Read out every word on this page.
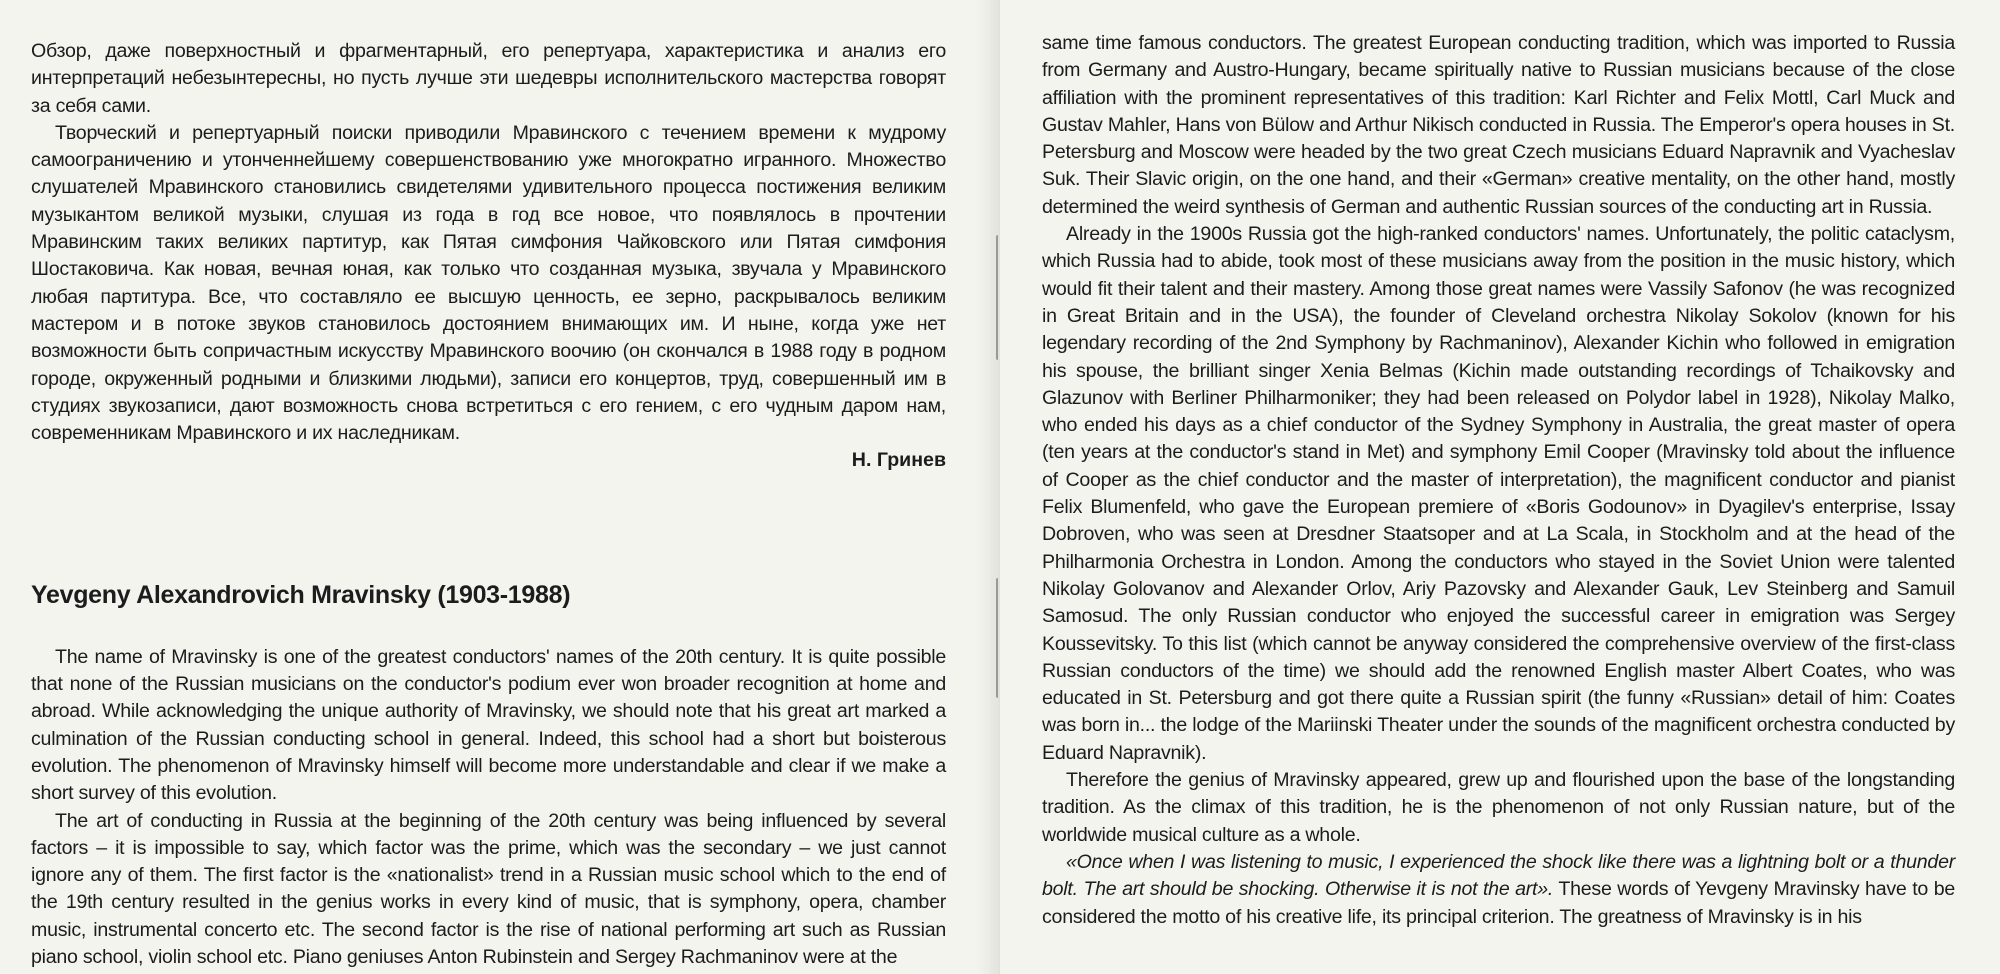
Обзор, даже поверхностный и фрагментарный, его репертуара, характеристика и анализ его интерпретаций небезынтересны, но пусть лучше эти шедевры исполнительского мастерства говорят за себя сами.

Творческий и репертуарный поиски приводили Мравинского с течением времени к мудрому самоограничению и утонченнейшему совершенствованию уже многократно игранного. Множество слушателей Мравинского становились свидетелями удивительного процесса постижения великим музыкантом великой музыки, слушая из года в год все новое, что появлялось в прочтении Мравинским таких великих партитур, как Пятая симфония Чайковского или Пятая симфония Шостаковича. Как новая, вечная юная, как только что созданная музыка, звучала у Мравинского любая партитура. Все, что составляло ее высшую ценность, ее зерно, раскрывалось великим мастером и в потоке звуков становилось достоянием внимающих им. И ныне, когда уже нет возможности быть сопричастным искусству Мравинского воочию (он скончался в 1988 году в родном городе, окруженный родными и близкими людьми), записи его концертов, труд, совершенный им в студиях звукозаписи, дают возможность снова встретиться с его гением, с его чудным даром нам, современникам Мравинского и их наследникам.

Н. Гринев
Yevgeny Alexandrovich Mravinsky (1903-1988)

The name of Mravinsky is one of the greatest conductors' names of the 20th century. It is quite possible that none of the Russian musicians on the conductor's podium ever won broader recognition at home and abroad. While acknowledging the unique authority of Mravinsky, we should note that his great art marked a culmination of the Russian conducting school in general. Indeed, this school had a short but boisterous evolution. The phenomenon of Mravinsky himself will become more understandable and clear if we make a short survey of this evolution.

The art of conducting in Russia at the beginning of the 20th century was being influenced by several factors – it is impossible to say, which factor was the prime, which was the secondary – we just cannot ignore any of them. The first factor is the «nationalist» trend in a Russian music school which to the end of the 19th century resulted in the genius works in every kind of music, that is symphony, opera, chamber music, instrumental concerto etc. The second factor is the rise of national performing art such as Russian piano school, violin school etc. Piano geniuses Anton Rubinstein and Sergey Rachmaninov were at the

same time famous conductors. The greatest European conducting tradition, which was imported to Russia from Germany and Austro-Hungary, became spiritually native to Russian musicians because of the close affiliation with the prominent representatives of this tradition: Karl Richter and Felix Mottl, Carl Muck and Gustav Mahler, Hans von Bülow and Arthur Nikisch conducted in Russia. The Emperor's opera houses in St. Petersburg and Moscow were headed by the two great Czech musicians Eduard Napravnik and Vyacheslav Suk. Their Slavic origin, on the one hand, and their «German» creative mentality, on the other hand, mostly determined the weird synthesis of German and authentic Russian sources of the conducting art in Russia.

Already in the 1900s Russia got the high-ranked conductors' names. Unfortunately, the politic cataclysm, which Russia had to abide, took most of these musicians away from the position in the music history, which would fit their talent and their mastery. Among those great names were Vassily Safonov (he was recognized in Great Britain and in the USA), the founder of Cleveland orchestra Nikolay Sokolov (known for his legendary recording of the 2nd Symphony by Rachmaninov), Alexander Kichin who followed in emigration his spouse, the brilliant singer Xenia Belmas (Kichin made outstanding recordings of Tchaikovsky and Glazunov with Berliner Philharmoniker; they had been released on Polydor label in 1928), Nikolay Malko, who ended his days as a chief conductor of the Sydney Symphony in Australia, the great master of opera (ten years at the conductor's stand in Met) and symphony Emil Cooper (Mravinsky told about the influence of Cooper as the chief conductor and the master of interpretation), the magnificent conductor and pianist Felix Blumenfeld, who gave the European premiere of «Boris Godounov» in Dyagilev's enterprise, Issay Dobroven, who was seen at Dresdner Staatsoper and at La Scala, in Stockholm and at the head of the Philharmonia Orchestra in London. Among the conductors who stayed in the Soviet Union were talented Nikolay Golovanov and Alexander Orlov, Ariy Pazovsky and Alexander Gauk, Lev Steinberg and Samuil Samosud. The only Russian conductor who enjoyed the successful career in emigration was Sergey Koussevitsky. To this list (which cannot be anyway considered the comprehensive overview of the first-class Russian conductors of the time) we should add the renowned English master Albert Coates, who was educated in St. Petersburg and got there quite a Russian spirit (the funny «Russian» detail of him: Coates was born in... the lodge of the Mariinski Theater under the sounds of the magnificent orchestra conducted by Eduard Napravnik).

Therefore the genius of Mravinsky appeared, grew up and flourished upon the base of the longstanding tradition. As the climax of this tradition, he is the phenomenon of not only Russian nature, but of the worldwide musical culture as a whole.

«Once when I was listening to music, I experienced the shock like there was a lightning bolt or a thunder bolt. The art should be shocking. Otherwise it is not the art». These words of Yevgeny Mravinsky have to be considered the motto of his creative life, its principal criterion. The greatness of Mravinsky is in his
